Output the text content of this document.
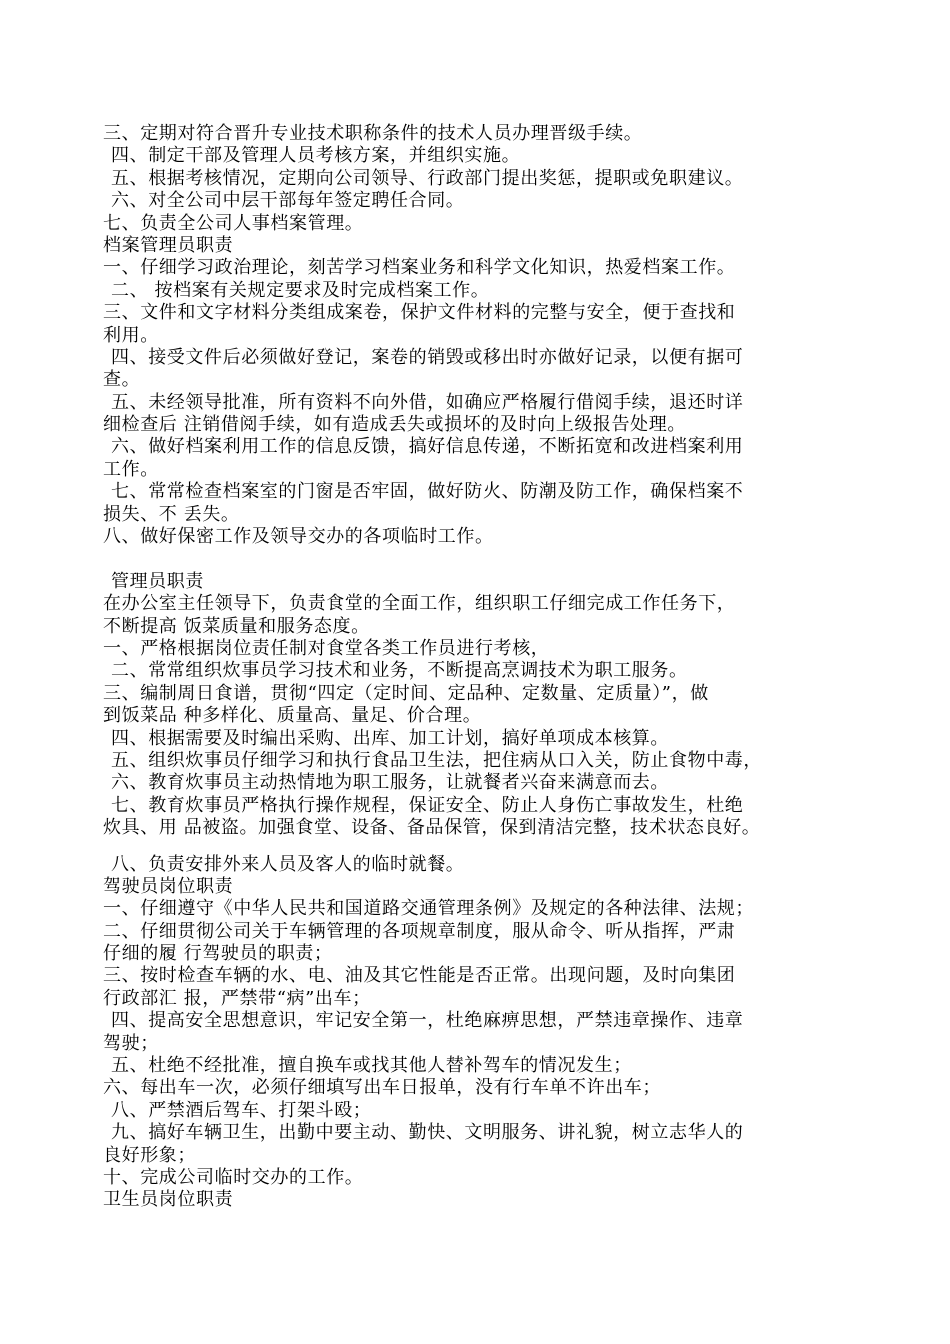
三、定期对符合晋升专业技术职称条件的技术人员办理晋级手续。
四、制定干部及管理人员考核方案，并组织实施。
五、根据考核情况，定期向公司领导、行政部门提出奖惩，提职或免职建议。
六、对全公司中层干部每年签定聘任合同。
七、负责全公司人事档案管理。
档案管理员职责
一、仔细学习政治理论，刻苦学习档案业务和科学文化知识，热爱档案工作。
二、 按档案有关规定要求及时完成档案工作。
三、文件和文字材料分类组成案卷，保护文件材料的完整与安全，便于查找和
利用。
四、接受文件后必须做好登记，案卷的销毁或移出时亦做好记录，以便有据可
查。
五、未经领导批准，所有资料不向外借，如确应严格履行借阅手续，退还时详
细检查后 注销借阅手续，如有造成丢失或损坏的及时向上级报告处理。
六、做好档案利用工作的信息反馈，搞好信息传递，不断拓宽和改进档案利用
工作。
七、常常检查档案室的门窗是否牢固，做好防火、防潮及防工作，确保档案不
损失、不 丢失。
八、做好保密工作及领导交办的各项临时工作。
管理员职责
在办公室主任领导下，负责食堂的全面工作，组织职工仔细完成工作任务下，
不断提高 饭菜质量和服务态度。
一、严格根据岗位责任制对食堂各类工作员进行考核，
二、常常组织炊事员学习技术和业务，不断提高烹调技术为职工服务。
三、编制周日食谱，贯彻“四定（定时间、定品种、定数量、定质量）”，做
到饭菜品 种多样化、质量高、量足、价合理。
四、根据需要及时编出采购、出库、加工计划，搞好单项成本核算。
五、组织炊事员仔细学习和执行食品卫生法，把住病从口入关，防止食物中毒，
六、教育炊事员主动热情地为职工服务，让就餐者兴奋来满意而去。
七、教育炊事员严格执行操作规程，保证安全、防止人身伤亡事故发生，杜绝
炊具、用 品被盗。加强食堂、设备、备品保管，保到清洁完整，技术状态良好。
八、负责安排外来人员及客人的临时就餐。
驾驶员岗位职责
一、仔细遵守《中华人民共和国道路交通管理条例》及规定的各种法律、法规；
二、仔细贯彻公司关于车辆管理的各项规章制度，服从命令、听从指挥，严肃
仔细的履 行驾驶员的职责；
三、按时检查车辆的水、电、油及其它性能是否正常。出现问题，及时向集团
行政部汇 报，严禁带“病”出车；
四、提高安全思想意识，牢记安全第一，杜绝麻痹思想，严禁违章操作、违章
驾驶；
五、杜绝不经批准，擅自换车或找其他人替补驾车的情况发生；
六、每出车一次，必须仔细填写出车日报单，没有行车单不许出车；
八、严禁酒后驾车、打架斗殴；
九、搞好车辆卫生，出勤中要主动、勤快、文明服务、讲礼貌，树立志华人的
良好形象；
十、完成公司临时交办的工作。
卫生员岗位职责
